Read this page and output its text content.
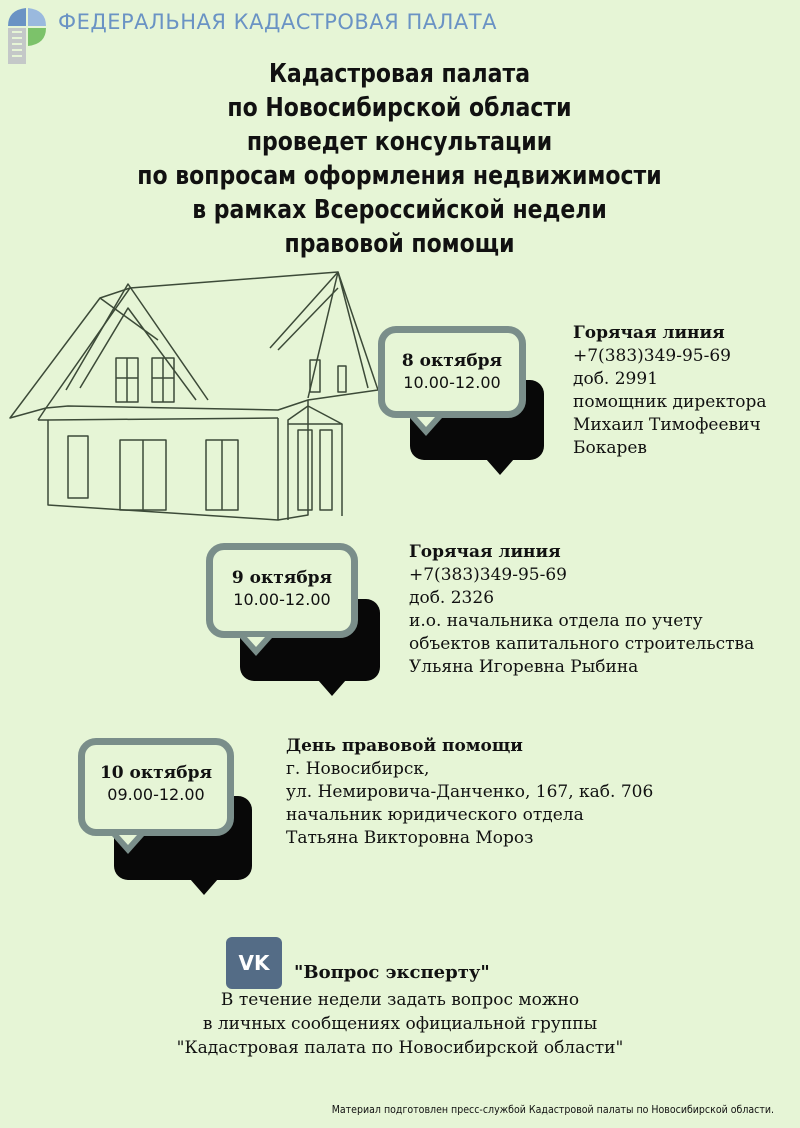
ФЕДЕРАЛЬНАЯ КАДАСТРОВАЯ ПАЛАТА
Кадастровая палата
по Новосибирской области
проведет консультации
по вопросам оформления недвижимости
в рамках Всероссийской недели
правовой помощи
8 октября
10.00-12.00
Горячая линия
+7(383)349-95-69
доб. 2991
помощник директора
Михаил Тимофеевич
Бокарев
9 октября
10.00-12.00
Горячая линия
+7(383)349-95-69
доб. 2326
и.о. начальника отдела по учету
объектов капитального строительства
Ульяна Игоревна Рыбина
10 октября
09.00-12.00
День правовой помощи
г. Новосибирск,
ул. Немировича-Данченко, 167, каб. 706
начальник юридического отдела
Татьяна Викторовна Мороз
VK	"Вопрос эксперту"
В течение недели задать вопрос можно
в личных сообщениях официальной группы
"Кадастровая палата по Новосибирской области"
Материал подготовлен пресс-службой Кадастровой палаты по Новосибирской области.
